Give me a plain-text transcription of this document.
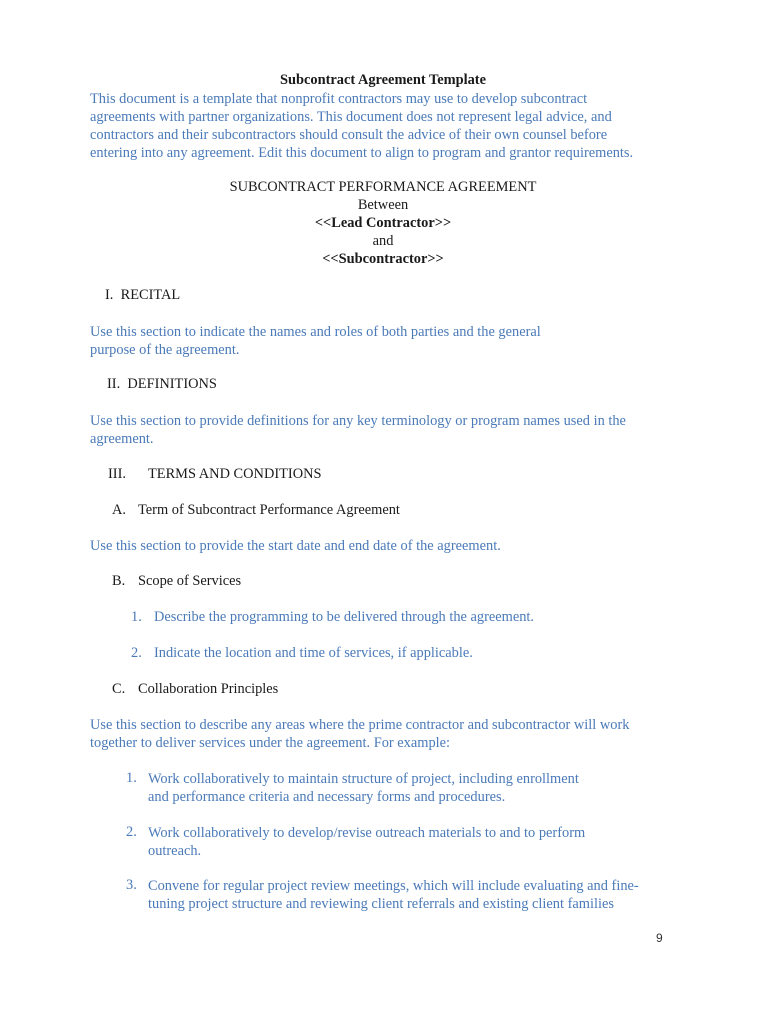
Subcontract Agreement Template
This document is a template that nonprofit contractors may use to develop subcontract
agreements with partner organizations. This document does not represent legal advice, and
contractors and their subcontractors should consult the advice of their own counsel before
entering into any agreement. Edit this document to align to program and grantor requirements.
SUBCONTRACT PERFORMANCE AGREEMENT
Between
<<Lead Contractor>>
and
<<Subcontractor>>
I. RECITAL
Use this section to indicate the names and roles of both parties and the general
purpose of the agreement.
II. DEFINITIONS
Use this section to provide definitions for any key terminology or program names used in the
agreement.
III. TERMS AND CONDITIONS
A. Term of Subcontract Performance Agreement
Use this section to provide the start date and end date of the agreement.
B. Scope of Services
1. Describe the programming to be delivered through the agreement.
2. Indicate the location and time of services, if applicable.
C. Collaboration Principles
Use this section to describe any areas where the prime contractor and subcontractor will work
together to deliver services under the agreement. For example:
1. Work collaboratively to maintain structure of project, including enrollment
and performance criteria and necessary forms and procedures.
2. Work collaboratively to develop/revise outreach materials to and to perform
outreach.
3. Convene for regular project review meetings, which will include evaluating and fine-
tuning project structure and reviewing client referrals and existing client families
9
